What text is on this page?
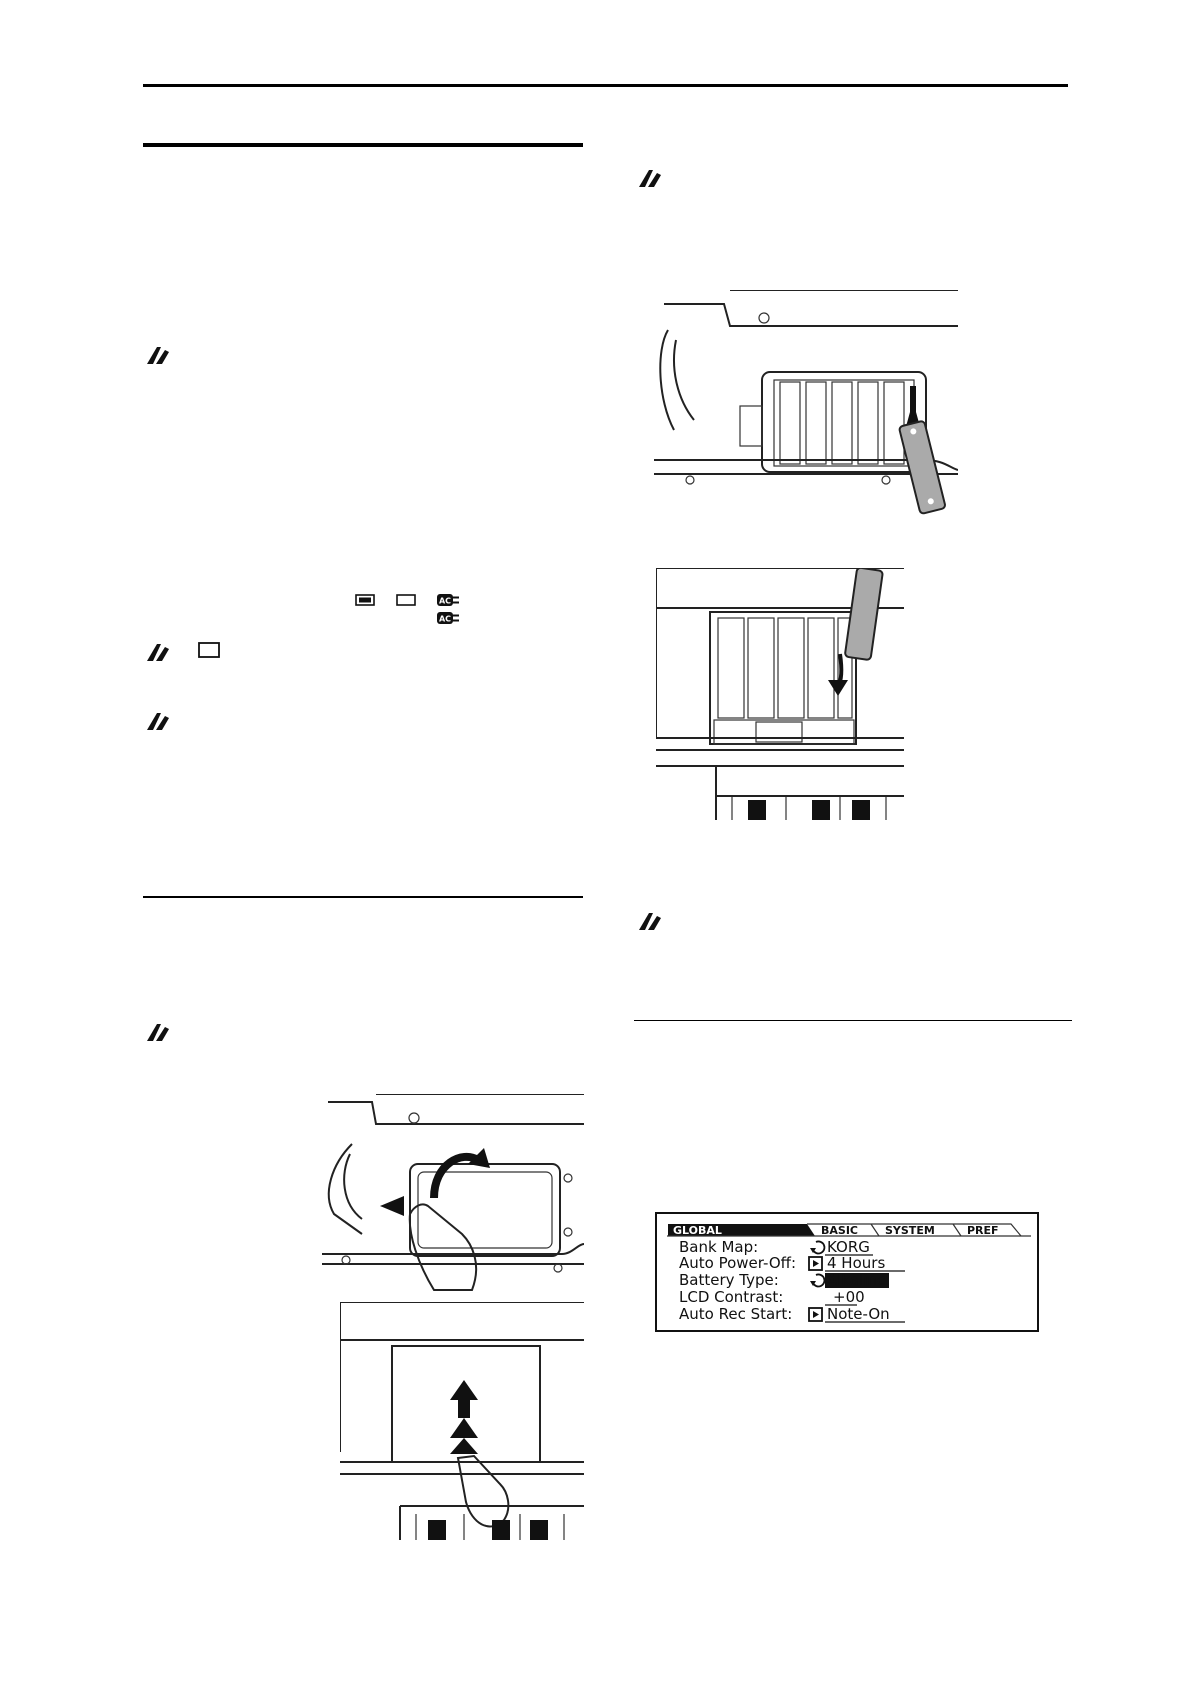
AC
AC
GLOBAL	BASIC SYSTEM	PREF
Bank Map:
Auto Power-Off:
Battery Type:
LCD Contrast:
Auto Rec Start:
KORG
4 Hours
Alkaline
+00
Note-On
